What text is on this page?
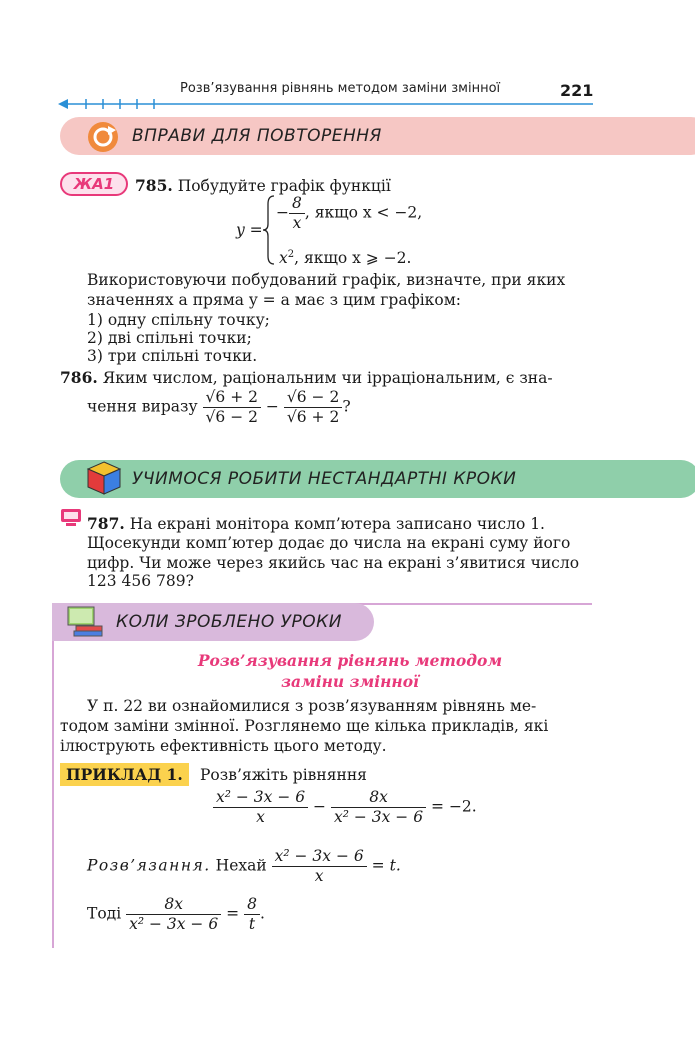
Розв’язування рівнянь методом заміни змінної	221
ВПРАВИ ДЛЯ ПОВТОРЕННЯ
ЖА1	785. Побудуйте графік функції
y =
− $\frac{8}{x}$ , якщо x < −2,
$x^2$, якщо x ⩾ −2.
Використовуючи побудований графік, визначте, при яких
значеннях a пряма y = a має з цим графіком:
1) одну спільну точку;
2) дві спільні точки;
3) три спільні точки.
786. Яким числом, раціональним чи ірраціональним, є зна-
чення виразу $\frac{√6 + 2}{√6 - 2} - \frac{√6 - 2}{√6 + 2}$ ?
УЧИМОСЯ РОБИТИ НЕСТАНДАРТНІ КРОКИ
787. На екрані монітора комп’ютера записано число 1.
Щосекунди комп’ютер додає до числа на екрані суму його
цифр. Чи може через якийсь час на екрані з’явитися число
123 456 789?
КОЛИ ЗРОБЛЕНО УРОКИ
Розв’язування рівнянь методом
заміни змінної
У п. 22 ви ознайомилися з розв’язуванням рівнянь ме-
тодом заміни змінної. Розглянемо ще кілька прикладів, які
ілюструють ефективність цього методу.
ПРИКЛАД 1.	Розв’яжіть рівняння
$\frac{\text{x² − 3x − 6}}{x} - \frac{8x}{\text{x² − 3x − 6}} = -2$.
Розв’язання. Нехай $\frac{\text{x² − 3x − 6}}{x} = t$.
Тоді $\frac{8x}{\text{x² − 3x − 6}} = \frac{8}{t}$ .
